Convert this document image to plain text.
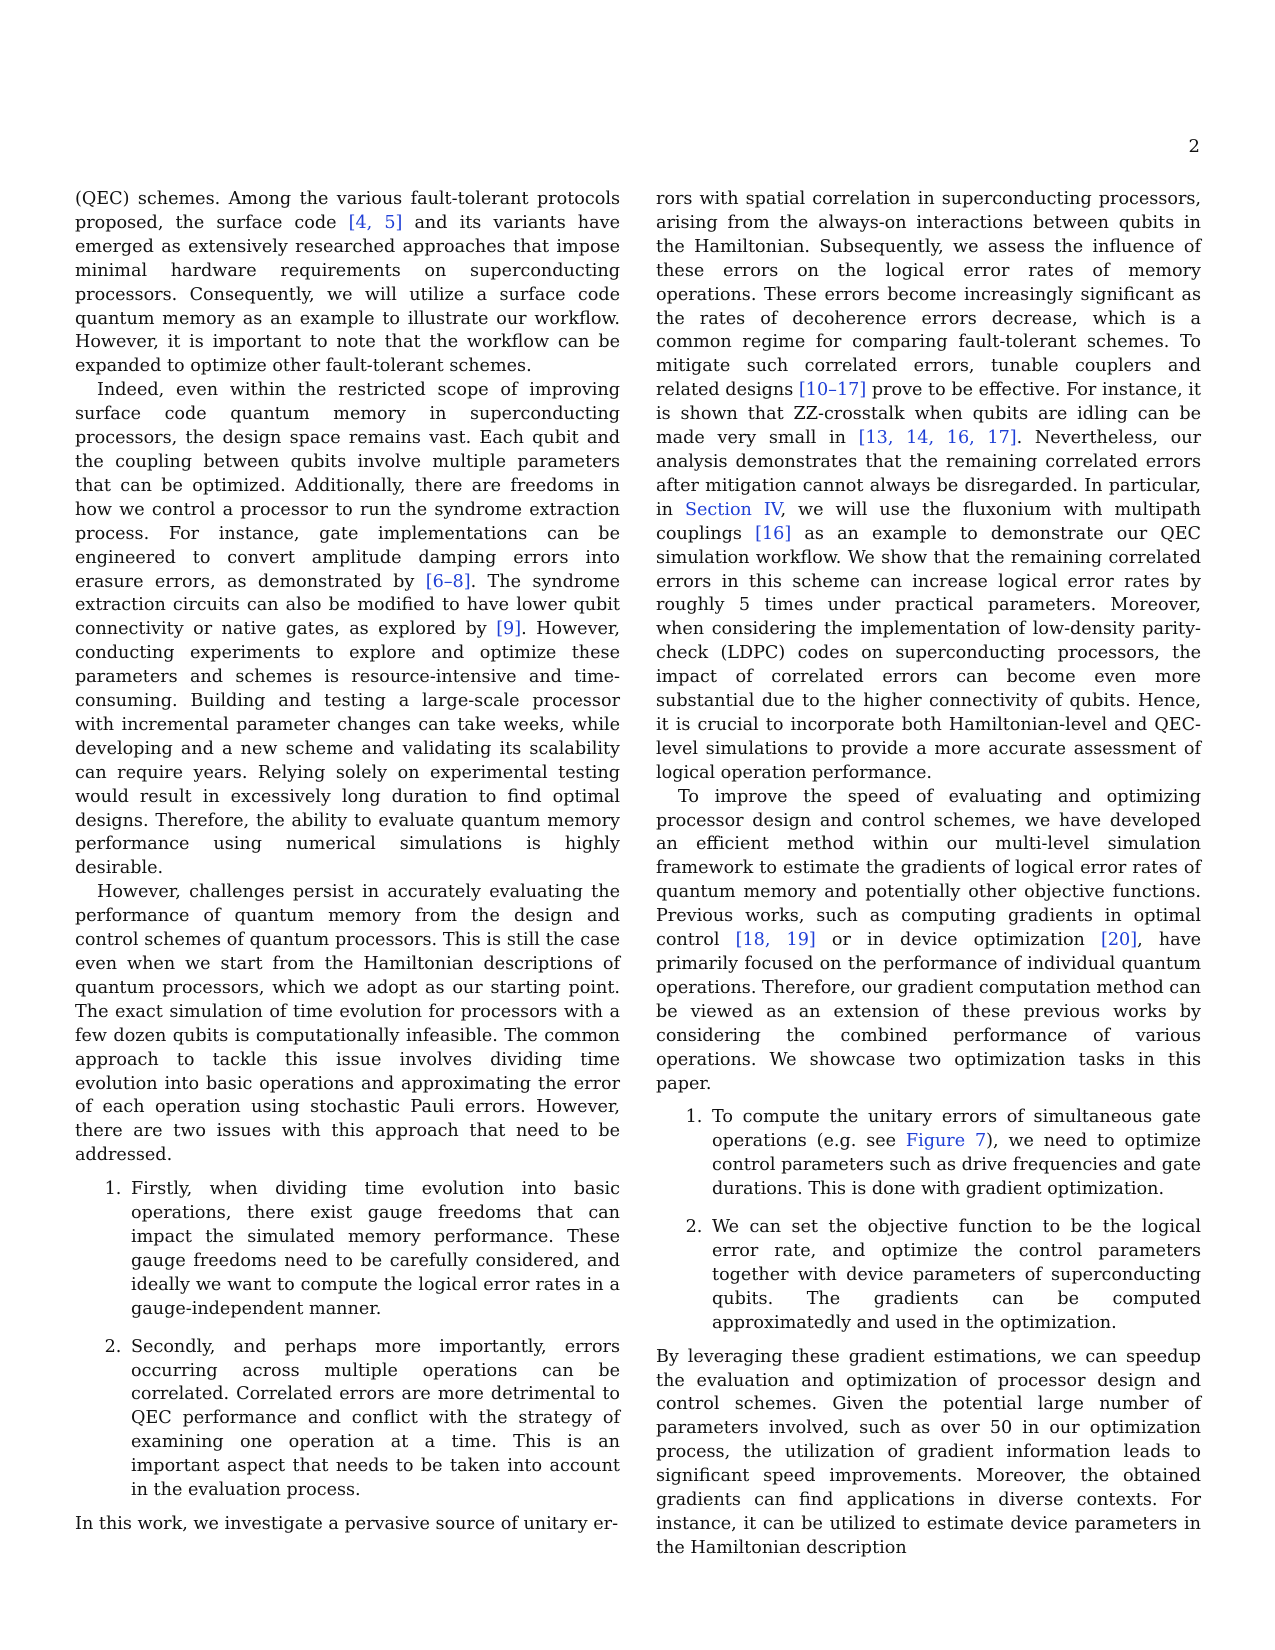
2

(QEC) schemes. Among the various fault-tolerant protocols proposed, the surface code [4, 5] and its variants have emerged as extensively researched approaches that impose minimal hardware requirements on superconducting processors. Consequently, we will utilize a surface code quantum memory as an example to illustrate our workflow. However, it is important to note that the workflow can be expanded to optimize other fault-tolerant schemes.

Indeed, even within the restricted scope of improving surface code quantum memory in superconducting processors, the design space remains vast. Each qubit and the coupling between qubits involve multiple parameters that can be optimized. Additionally, there are freedoms in how we control a processor to run the syndrome extraction process. For instance, gate implementations can be engineered to convert amplitude damping errors into erasure errors, as demonstrated by [6–8]. The syndrome extraction circuits can also be modified to have lower qubit connectivity or native gates, as explored by [9]. However, conducting experiments to explore and optimize these parameters and schemes is resource-intensive and time-consuming. Building and testing a large-scale processor with incremental parameter changes can take weeks, while developing and a new scheme and validating its scalability can require years. Relying solely on experimental testing would result in excessively long duration to find optimal designs. Therefore, the ability to evaluate quantum memory performance using numerical simulations is highly desirable.

However, challenges persist in accurately evaluating the performance of quantum memory from the design and control schemes of quantum processors. This is still the case even when we start from the Hamiltonian descriptions of quantum processors, which we adopt as our starting point. The exact simulation of time evolution for processors with a few dozen qubits is computationally infeasible. The common approach to tackle this issue involves dividing time evolution into basic operations and approximating the error of each operation using stochastic Pauli errors. However, there are two issues with this approach that need to be addressed.

1. Firstly, when dividing time evolution into basic operations, there exist gauge freedoms that can impact the simulated memory performance. These gauge freedoms need to be carefully considered, and ideally we want to compute the logical error rates in a gauge-independent manner.
2. Secondly, and perhaps more importantly, errors occurring across multiple operations can be correlated. Correlated errors are more detrimental to QEC performance and conflict with the strategy of examining one operation at a time. This is an important aspect that needs to be taken into account in the evaluation process.

In this work, we investigate a pervasive source of unitary er-

rors with spatial correlation in superconducting processors, arising from the always-on interactions between qubits in the Hamiltonian. Subsequently, we assess the influence of these errors on the logical error rates of memory operations. These errors become increasingly significant as the rates of decoherence errors decrease, which is a common regime for comparing fault-tolerant schemes. To mitigate such correlated errors, tunable couplers and related designs [10–17] prove to be effective. For instance, it is shown that ZZ-crosstalk when qubits are idling can be made very small in [13, 14, 16, 17]. Nevertheless, our analysis demonstrates that the remaining correlated errors after mitigation cannot always be disregarded. In particular, in Section IV, we will use the fluxonium with multipath couplings [16] as an example to demonstrate our QEC simulation workflow. We show that the remaining correlated errors in this scheme can increase logical error rates by roughly 5 times under practical parameters. Moreover, when considering the implementation of low-density parity-check (LDPC) codes on superconducting processors, the impact of correlated errors can become even more substantial due to the higher connectivity of qubits. Hence, it is crucial to incorporate both Hamiltonian-level and QEC-level simulations to provide a more accurate assessment of logical operation performance.

To improve the speed of evaluating and optimizing processor design and control schemes, we have developed an efficient method within our multi-level simulation framework to estimate the gradients of logical error rates of quantum memory and potentially other objective functions. Previous works, such as computing gradients in optimal control [18, 19] or in device optimization [20], have primarily focused on the performance of individual quantum operations. Therefore, our gradient computation method can be viewed as an extension of these previous works by considering the combined performance of various operations. We showcase two optimization tasks in this paper.

1. To compute the unitary errors of simultaneous gate operations (e.g. see Figure 7), we need to optimize control parameters such as drive frequencies and gate durations. This is done with gradient optimization.
2. We can set the objective function to be the logical error rate, and optimize the control parameters together with device parameters of superconducting qubits. The gradients can be computed approximatedly and used in the optimization.

By leveraging these gradient estimations, we can speedup the evaluation and optimization of processor design and control schemes. Given the potential large number of parameters involved, such as over 50 in our optimization process, the utilization of gradient information leads to significant speed improvements. Moreover, the obtained gradients can find applications in diverse contexts. For instance, it can be utilized to estimate device parameters in the Hamiltonian description
